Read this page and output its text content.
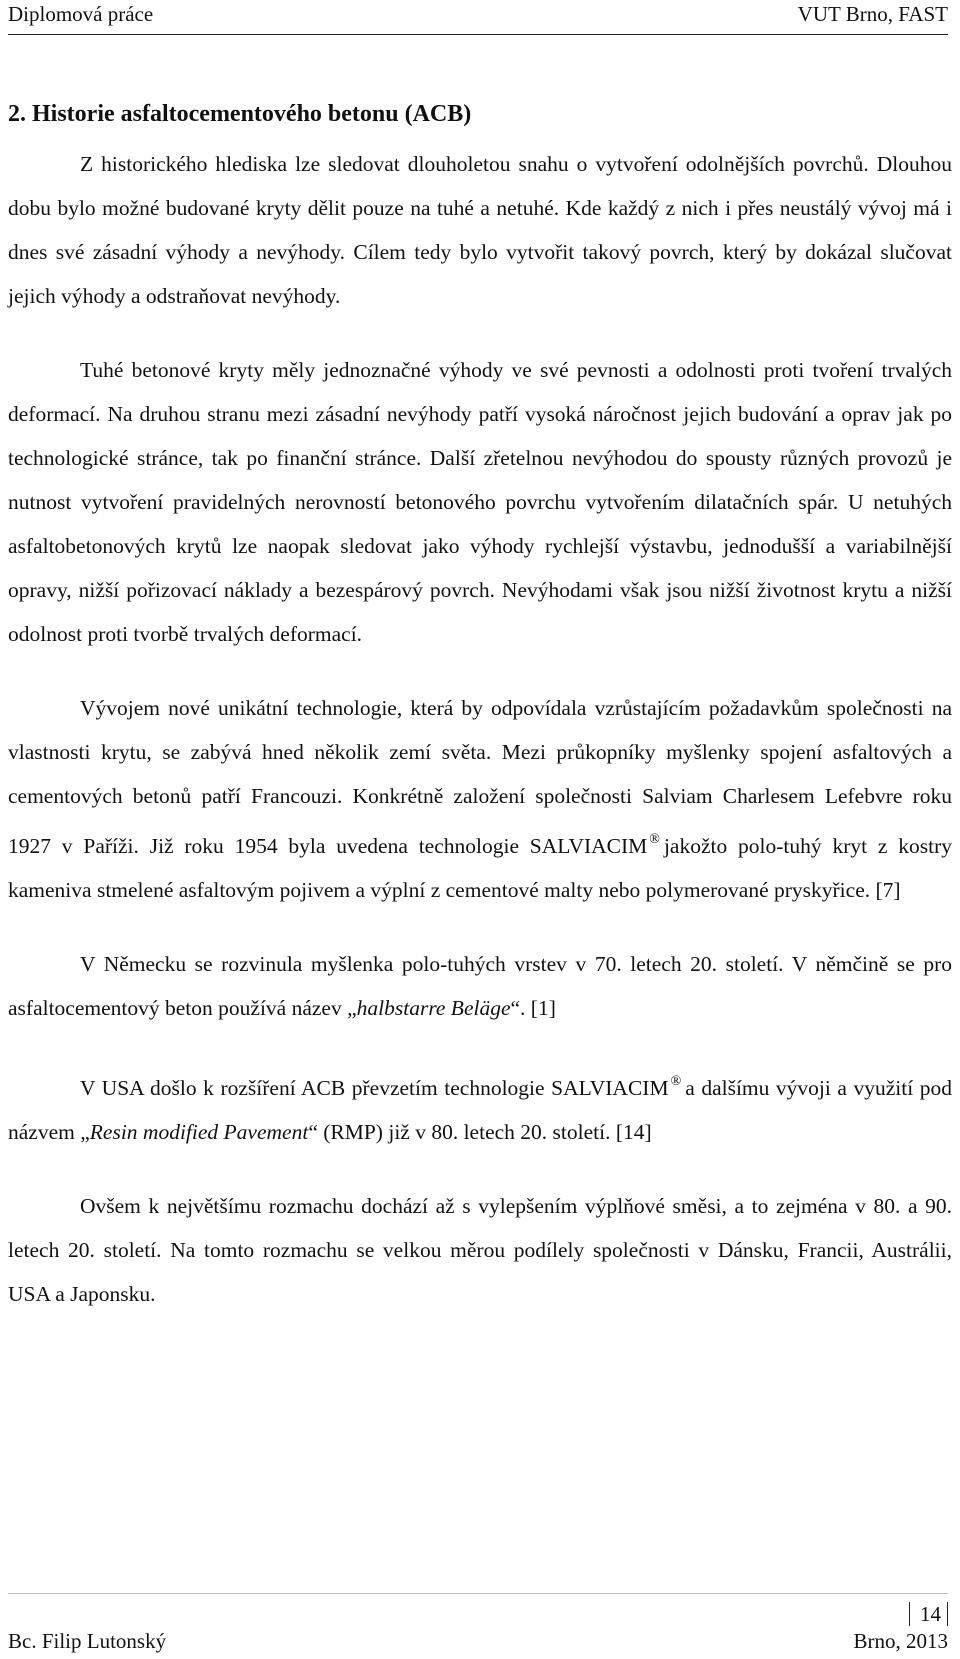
Diplomová práce	VUT Brno, FAST
2. Historie asfaltocementového betonu (ACB)

Z historického hlediska lze sledovat dlouholetou snahu o vytvoření odolnějších povrchů. Dlouhou dobu bylo možné budované kryty dělit pouze na tuhé a netuhé. Kde každý z nich i přes neustálý vývoj má i dnes své zásadní výhody a nevýhody. Cílem tedy bylo vytvořit takový povrch, který by dokázal slučovat jejich výhody a odstraňovat nevýhody.

Tuhé betonové kryty měly jednoznačné výhody ve své pevnosti a odolnosti proti tvoření trvalých deformací. Na druhou stranu mezi zásadní nevýhody patří vysoká náročnost jejich budování a oprav jak po technologické stránce, tak po finanční stránce. Další zřetelnou nevýhodou do spousty různých provozů je nutnost vytvoření pravidelných nerovností betonového povrchu vytvořením dilatačních spár. U netuhých asfaltobetonových krytů lze naopak sledovat jako výhody rychlejší výstavbu, jednodušší a variabilnější opravy, nižší pořizovací náklady a bezespárový povrch. Nevýhodami však jsou nižší životnost krytu a nižší odolnost proti tvorbě trvalých deformací.

Vývojem nové unikátní technologie, která by odpovídala vzrůstajícím požadavkům společnosti na vlastnosti krytu, se zabývá hned několik zemí světa. Mezi průkopníky myšlenky spojení asfaltových a cementových betonů patří Francouzi. Konkrétně založení společnosti Salviam Charlesem Lefebvre roku 1927 v Paříži. Již roku 1954 byla uvedena technologie SALVIACIM ® jakožto polo-tuhý kryt z kostry kameniva stmelené asfaltovým pojivem a výplní z cementové malty nebo polymerované pryskyřice. [7]

V Německu se rozvinula myšlenka polo-tuhých vrstev v 70. letech 20. století. V němčině se pro asfaltocementový beton používá název „halbstarre Beläge“. [1]

V USA došlo k rozšíření ACB převzetím technologie SALVIACIM ® a dalšímu vývoji a využití pod názvem „Resin modified Pavement“ (RMP) již v 80. letech 20. století. [14]

Ovšem k největšímu rozmachu dochází až s vylepšením výplňové směsi, a to zejména v 80. a 90. letech 20. století. Na tomto rozmachu se velkou měrou podílely společnosti v Dánsku, Francii, Austrálii, USA a Japonsku.

14
Bc. Filip Lutonský	Brno, 2013
